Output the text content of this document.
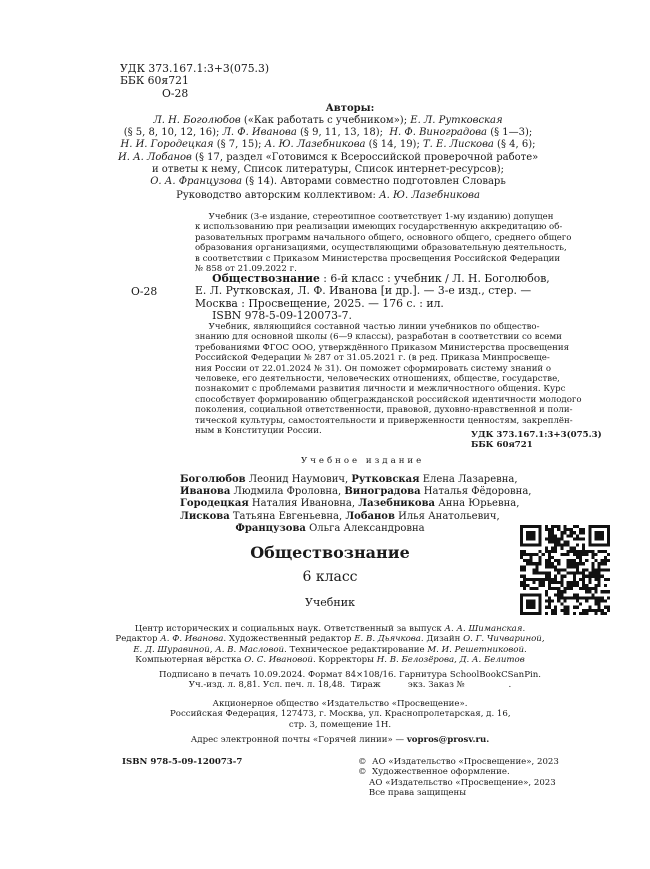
УДК 373.167.1:3+3(075.3)
ББК 60я721
О-28
Авторы:
Л. Н. Боголюбов («Как работать с учебником»); Е. Л. Рутковская
(§ 5, 8, 10, 12, 16); Л. Ф. Иванова (§ 9, 11, 13, 18);  Н. Ф. Виноградова (§ 1—3);
Н. И. Городецкая (§ 7, 15); А. Ю. Лазебникова (§ 14, 19); Т. Е. Лискова (§ 4, 6);
И. А. Лобанов (§ 17, раздел «Готовимся к Всероссийской проверочной работе»
и ответы к нему, Список литературы, Список интернет-ресурсов);
О. А. Французова (§ 14). Авторами совместно подготовлен Словарь
Руководство авторским коллективом: А. Ю. Лазебникова
Учебник (3-е издание, стереотипное соответствует 1-му изданию) допущен
к использованию при реализации имеющих государственную аккредитацию об-
разовательных программ начального общего, основного общего, среднего общего
образования организациями, осуществляющими образовательную деятельность,
в соответствии с Приказом Министерства просвещения Российской Федерации
№ 858 от 21.09.2022 г.
О-28
Обществознание : 6-й класс : учебник / Л. Н. Боголюбов,
Е. Л. Рутковская, Л. Ф. Иванова [и др.]. — 3-е изд., стер. —
Москва : Просвещение, 2025. — 176 с. : ил.
ISBN 978-5-09-120073-7.
Учебник, являющийся составной частью линии учебников по общество-
знанию для основной школы (6—9 классы), разработан в соответствии со всеми
требованиями ФГОС ООО, утверждённого Приказом Министерства просвещения
Российской Федерации № 287 от 31.05.2021 г. (в ред. Приказа Минпросвеще-
ния России от 22.01.2024 № 31). Он поможет сформировать систему знаний о
человеке, его деятельности, человеческих отношениях, обществе, государстве,
познакомит с проблемами развития личности и межличностного общения. Курс
способствует формированию общегражданской российской идентичности молодого
поколения, социальной ответственности, правовой, духовно-нравственной и поли-
тической культуры, самостоятельности и приверженности ценностям, закреплён-
ным в Конституции России.	УДК 373.167.1:3+3(075.3)
ББК 60я721
Учебное издание
Боголюбов Леонид Наумович, Рутковская Елена Лазаревна,
Иванова Людмила Фроловна, Виноградова Наталья Фёдоровна,
Городецкая Наталия Ивановна, Лазебникова Анна Юрьевна,
Лискова Татьяна Евгеньевна, Лобанов Илья Анатольевич,
Французова Ольга Александровна
Обществознание
6 класс
Учебник
Центр исторических и социальных наук. Ответственный за выпуск А. А. Шиманская.
Редактор А. Ф. Иванова. Художественный редактор Е. В. Дьячкова. Дизайн О. Г. Чичвариной,
Е. Д. Шуравиной, А. В. Масловой. Техническое редактирование М. И. Решетниковой.
Компьютерная вёрстка О. С. Ивановой. Корректоры Н. В. Белозёрова, Д. А. Белитов
Подписано в печать 10.09.2024. Формат 84×108/16. Гарнитура SchoolBookCSanPin.
Уч.-изд. л. 8,81. Усл. печ. л. 18,48.  Тираж          экз. Заказ №                .
Акционерное общество «Издательство «Просвещение».
Российская Федерация, 127473, г. Москва, ул. Краснопролетарская, д. 16,
стр. 3, помещение 1Н.
Адрес электронной почты «Горячей линии» — vopros@prosv.ru.
ISBN 978-5-09-120073-7	©  АО «Издательство «Просвещение», 2023
©  Художественное оформление.
АО «Издательство «Просвещение», 2023
Все права защищены
